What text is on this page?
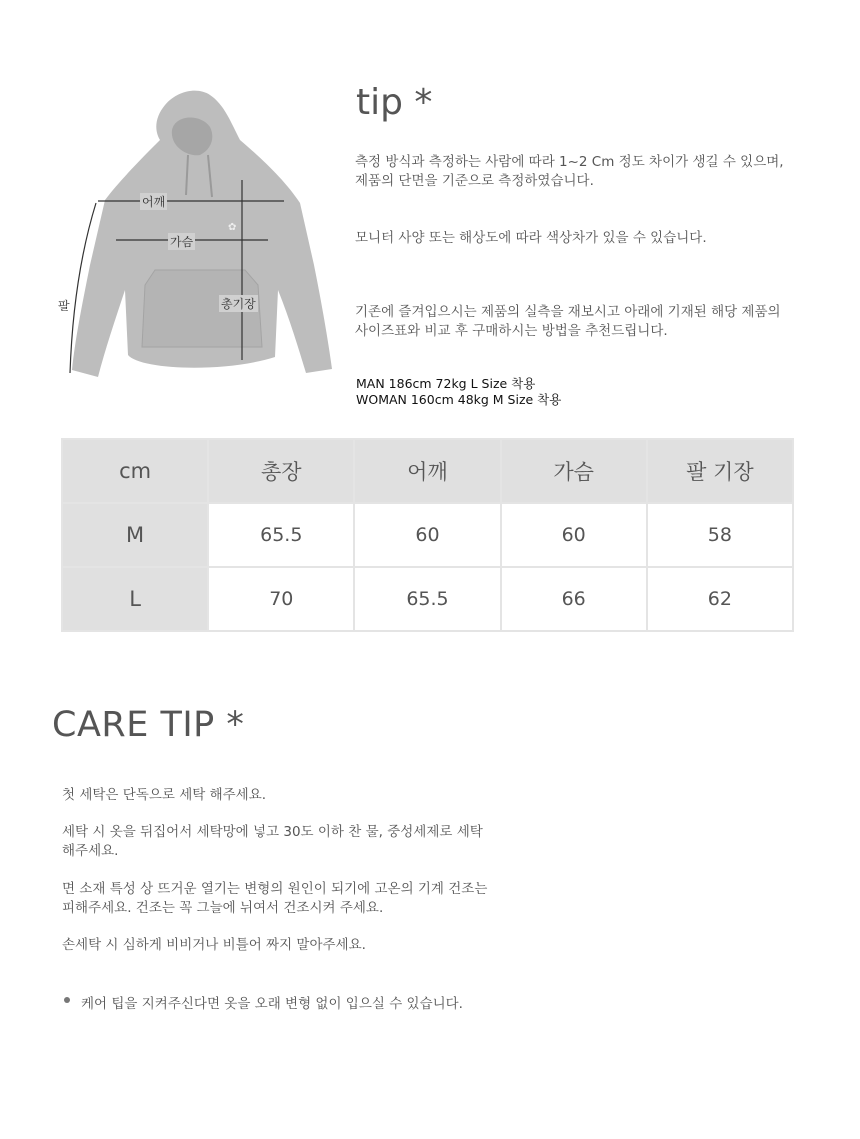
✿
어깨
가슴
총기장
팔
tip *
측정 방식과 측정하는 사람에 따라 1~2 Cm 정도 차이가 생길 수 있으며,
제품의 단면을 기준으로 측정하였습니다.
모니터 사양 또는 해상도에 따라 색상차가 있을 수 있습니다.
기존에 즐겨입으시는 제품의 실측을 재보시고 아래에 기재된 해당 제품의
사이즈표와 비교 후 구매하시는 방법을 추천드립니다.
MAN 186cm 72kg L Size 착용
WOMAN 160cm 48kg M Size 착용
cm	총장	어깨	가슴	팔 기장
M	65.5	60	60	58
L	70	65.5	66	62
CARE TIP *
첫 세탁은 단독으로 세탁 해주세요.
세탁 시 옷을 뒤집어서 세탁망에 넣고 30도 이하 찬 물, 중성세제로 세탁
해주세요.
면 소재 특성 상 뜨거운 열기는 변형의 원인이 되기에 고온의 기계 건조는
피해주세요. 건조는 꼭 그늘에 뉘여서 건조시켜 주세요.
손세탁 시 심하게 비비거나 비틀어 짜지 말아주세요.
케어 팁을 지켜주신다면 옷을 오래 변형 없이 입으실 수 있습니다.
